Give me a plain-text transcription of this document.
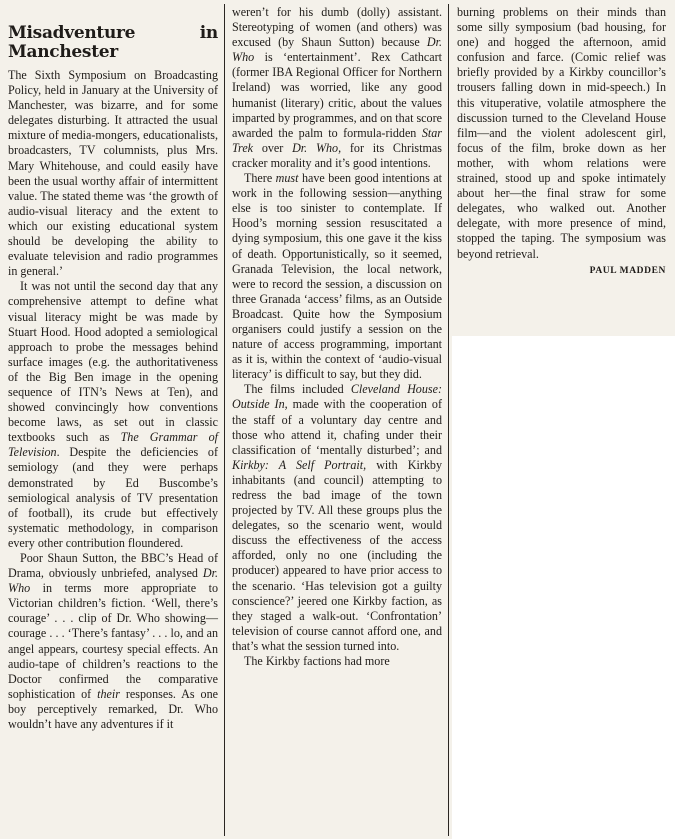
Misadventure in Manchester

The Sixth Symposium on Broadcasting Policy, held in January at the University of Manchester, was bizarre, and for some delegates disturbing. It attracted the usual mixture of media-mongers, educationalists, broadcasters, TV columnists, plus Mrs. Mary Whitehouse, and could easily have been the usual worthy affair of intermittent value. The stated theme was ‘the growth of audio-visual literacy and the extent to which our existing educational system should be developing the ability to evaluate television and radio programmes in general.’

It was not until the second day that any comprehensive attempt to define what visual literacy might be was made by Stuart Hood. Hood adopted a semiological approach to probe the messages behind surface images (e.g. the authoritativeness of the Big Ben image in the opening sequence of ITN’s News at Ten), and showed convincingly how conventions become laws, as set out in classic textbooks such as The Grammar of Television. Despite the deficiencies of semiology (and they were perhaps demonstrated by Ed Buscombe’s semiological analysis of TV presentation of football), its crude but effectively systematic methodology, in comparison every other contribution floundered.

Poor Shaun Sutton, the BBC’s Head of Drama, obviously unbriefed, analysed Dr. Who in terms more appropriate to Victorian children’s fiction. ‘Well, there’s courage’ . . . clip of Dr. Who showing—courage . . . ‘There’s fantasy’ . . . lo, and an angel appears, courtesy special effects. An audio-tape of children’s reactions to the Doctor confirmed the comparative sophistication of their responses. As one boy perceptively remarked, Dr. Who wouldn’t have any adventures if it

weren’t for his dumb (dolly) assistant. Stereotyping of women (and others) was excused (by Shaun Sutton) because Dr. Who is ‘entertainment’. Rex Cathcart (former IBA Regional Officer for Northern Ireland) was worried, like any good humanist (literary) critic, about the values imparted by programmes, and on that score awarded the palm to formula-ridden Star Trek over Dr. Who, for its Christmas cracker morality and it’s good intentions.

There must have been good intentions at work in the following session—anything else is too sinister to contemplate. If Hood’s morning session resuscitated a dying symposium, this one gave it the kiss of death. Opportunistically, so it seemed, Granada Television, the local network, were to record the session, a discussion on three Granada ‘access’ films, as an Outside Broadcast. Quite how the Symposium organisers could justify a session on the nature of access programming, important as it is, within the context of ‘audio-visual literacy’ is difficult to say, but they did.

The films included Cleveland House: Outside In, made with the cooperation of the staff of a voluntary day centre and those who attend it, chafing under their classification of ‘mentally disturbed’; and Kirkby: A Self Portrait, with Kirkby inhabitants (and council) attempting to redress the bad image of the town projected by TV. All these groups plus the delegates, so the scenario went, would discuss the effectiveness of the access afforded, only no one (including the producer) appeared to have prior access to the scenario. ‘Has television got a guilty conscience?’ jeered one Kirkby faction, as they staged a walk-out. ‘Confrontation’ television of course cannot afford one, and that’s what the session turned into.

The Kirkby factions had more

burning problems on their minds than some silly symposium (bad housing, for one) and hogged the afternoon, amid confusion and farce. (Comic relief was briefly provided by a Kirkby councillor’s trousers falling down in mid-speech.) In this vituperative, volatile atmosphere the discussion turned to the Cleveland House film—and the violent adolescent girl, focus of the film, broke down as her mother, with whom relations were strained, stood up and spoke intimately about her—the final straw for some delegates, who walked out. Another delegate, with more presence of mind, stopped the taping. The symposium was beyond retrieval.

PAUL MADDEN
